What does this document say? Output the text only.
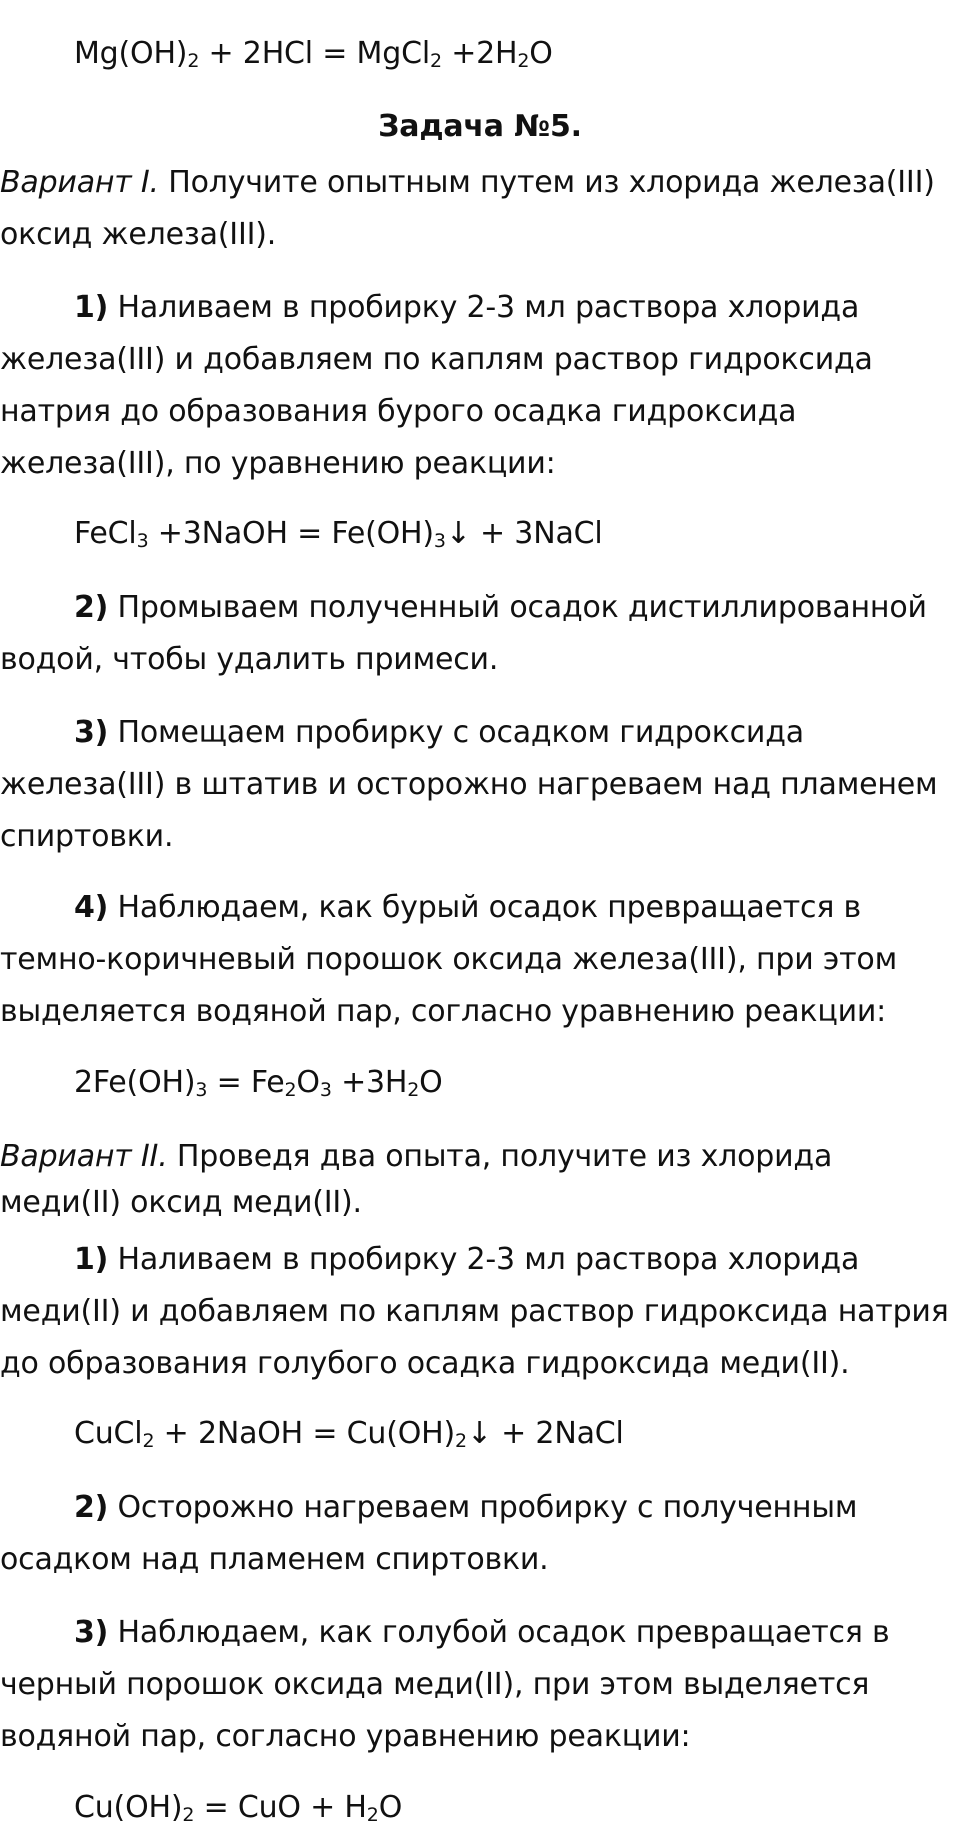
$Mg(OH)_2 + 2HCl$ = MgCl$_2$ $+2H_2O$
Задача №5.
Вариант I. Получите опытным путем из хлорида железа(III)
оксид железа(III).
1) Наливаем в пробирку 2-3 мл раствора хлорида
железа(III) и добавляем по каплям раствор гидроксида
натрия до образования бурого осадка гидроксида
железа(III), по уравнению реакции:
FeCl$_3$ +3NaOH = $Fe(OH)_3↓$ + 3NaCl
2) Промываем полученный осадок дистиллированной
водой, чтобы удалить примеси.
3) Помещаем пробирку с осадком гидроксида
железа(III) в штатив и осторожно нагреваем над пламенем
спиртовки.
4) Наблюдаем, как бурый осадок превращается в
темно-коричневый порошок оксида железа(III), при этом
выделяется водяной пар, согласно уравнению реакции:
$2Fe(OH)_3 = Fe_2O_3 +3H_2O$
Вариант II. Проведя два опыта, получите из хлорида
меди(II) оксид меди(II).
1) Наливаем в пробирку 2-3 мл раствора хлорида
меди(II) и добавляем по каплям раствор гидроксида натрия
до образования голубого осадка гидроксида меди(II).
CuCl$_2$ + 2NaOH = $Cu(OH)_2↓$ + 2NaCl
2) Осторожно нагреваем пробирку с полученным
осадком над пламенем спиртовки.
3) Наблюдаем, как голубой осадок превращается в
черный порошок оксида меди(II), при этом выделяется
водяной пар, согласно уравнению реакции:
$Cu(OH)_2$ = CuO + $H_2O$
